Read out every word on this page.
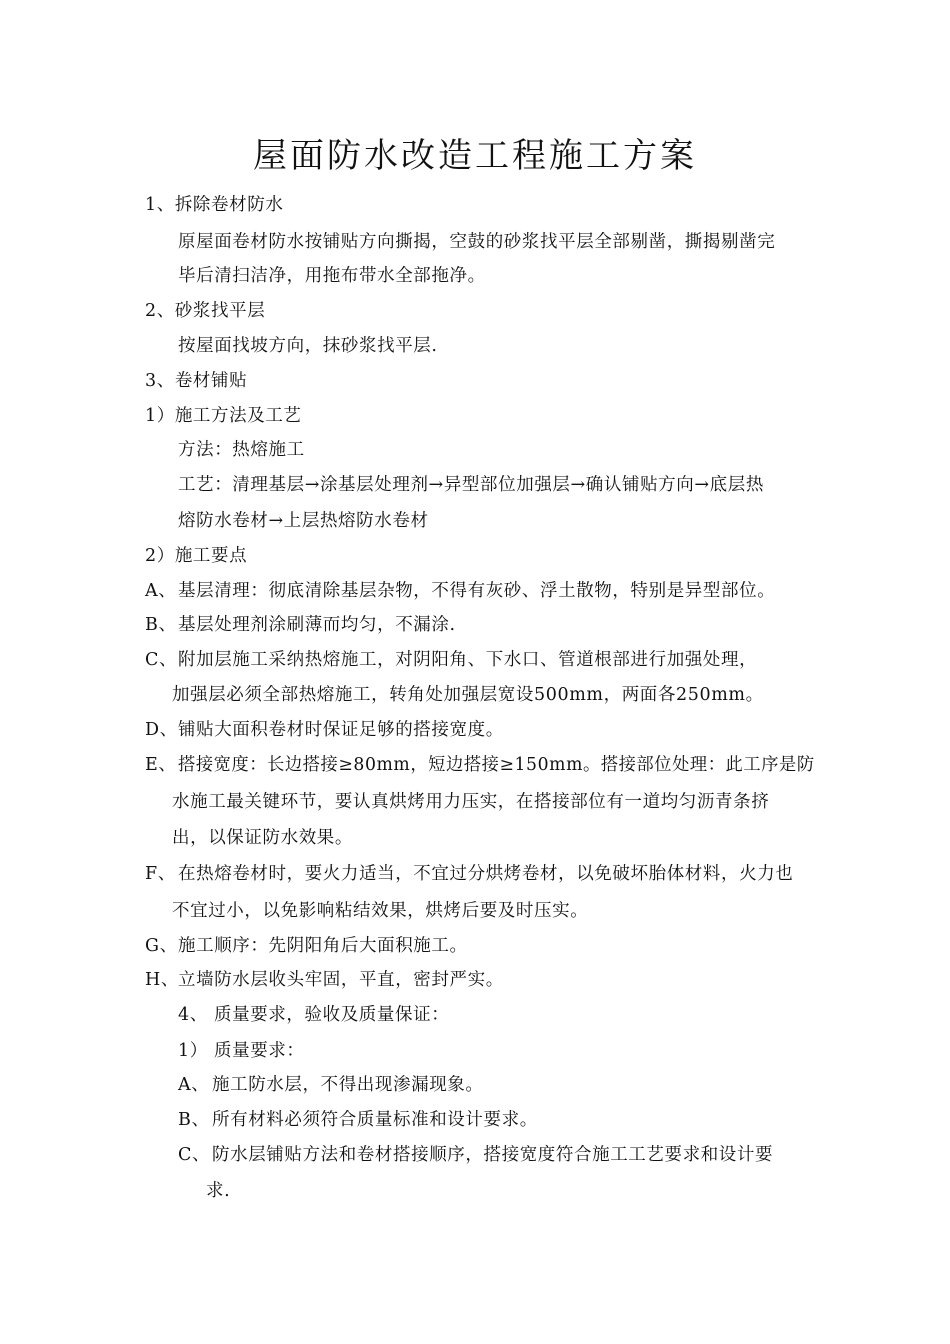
屋面防水改造工程施工方案
1、拆除卷材防水
原屋面卷材防水按铺贴方向撕揭，空鼓的砂浆找平层全部剔凿，撕揭剔凿完
毕后清扫洁净，用拖布带水全部拖净。
2、砂浆找平层
按屋面找坡方向，抹砂浆找平层.
3、卷材铺贴
1）施工方法及工艺
方法：热熔施工
工艺：清理基层→涂基层处理剂→异型部位加强层→确认铺贴方向→底层热
熔防水卷材→上层热熔防水卷材
2）施工要点
A、 基层清理：彻底清除基层杂物，不得有灰砂、浮土散物，特别是异型部位。
B、 基层处理剂涂刷薄而均匀，不漏涂.
C、 附加层施工采纳热熔施工，对阴阳角、下水口、管道根部进行加强处理，
加强层必须全部热熔施工，转角处加强层宽设500mm，两面各250mm。
D、 铺贴大面积卷材时保证足够的搭接宽度。
E、 搭接宽度：长边搭接≥80mm，短边搭接≥150mm。搭接部位处理：此工序是防
水施工最关键环节，要认真烘烤用力压实，在搭接部位有一道均匀沥青条挤
出，以保证防水效果。
F、 在热熔卷材时，要火力适当，不宜过分烘烤卷材，以免破坏胎体材料，火力也
不宜过小，以免影响粘结效果，烘烤后要及时压实。
G、 施工顺序：先阴阳角后大面积施工。
H、 立墙防水层收头牢固，平直，密封严实。
4、 质量要求，验收及质量保证：
1） 质量要求：
A、 施工防水层，不得出现渗漏现象。
B、 所有材料必须符合质量标准和设计要求。
C、 防水层铺贴方法和卷材搭接顺序，搭接宽度符合施工工艺要求和设计要
求.
